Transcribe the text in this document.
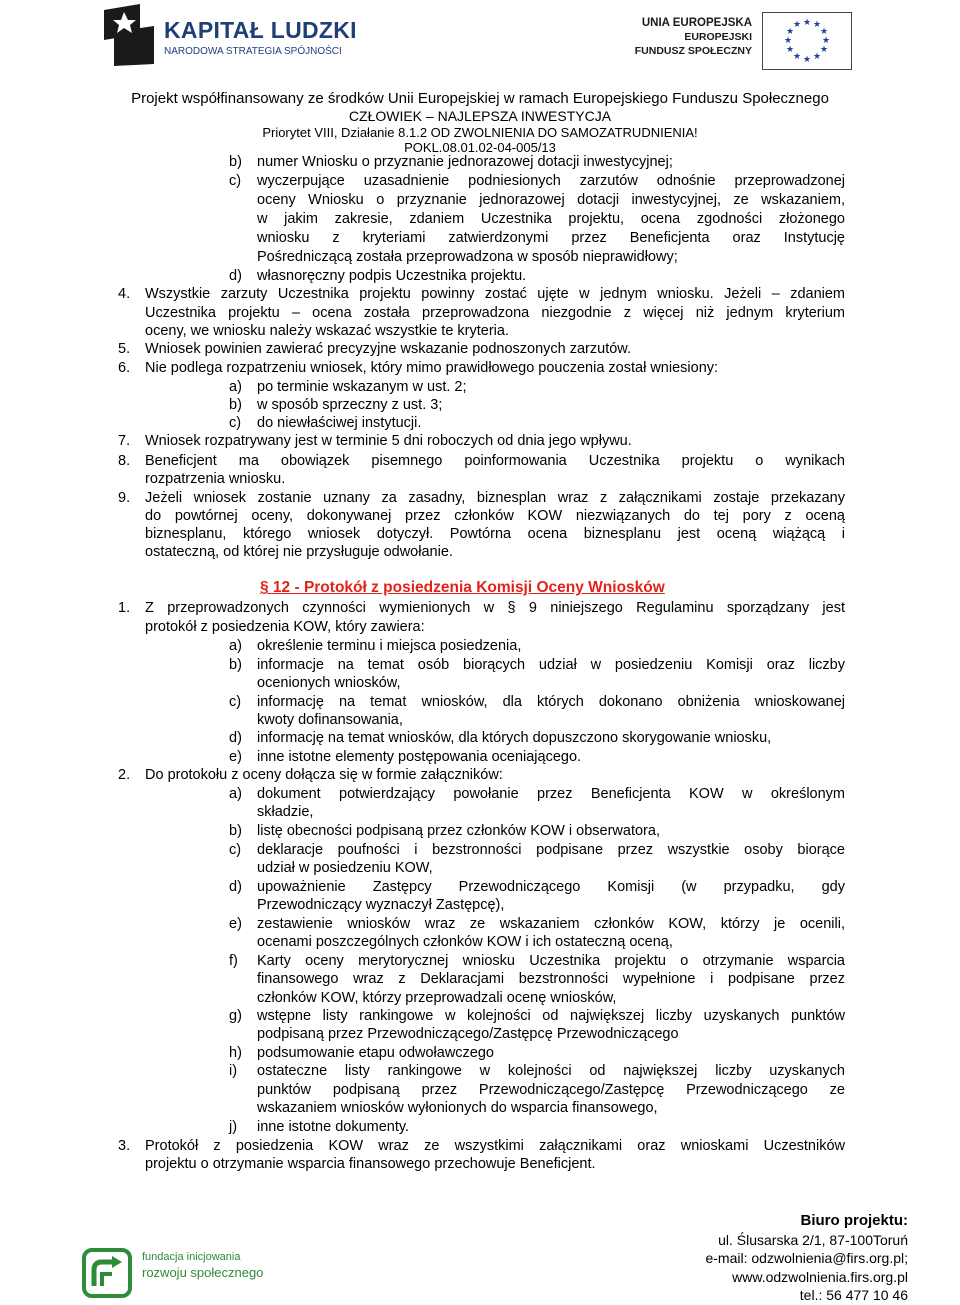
KAPITAŁ LUDZKI
NARODOWA STRATEGIA SPÓJNOŚCI
UNIA EUROPEJSKA
EUROPEJSKI
FUNDUSZ SPOŁECZNY
★ ★
★
★
★
★
★
★
★
★
★
★
Projekt współfinansowany ze środków Unii Europejskiej w ramach Europejskiego Funduszu Społecznego
CZŁOWIEK – NAJLEPSZA INWESTYCJA
Priorytet VIII, Działanie 8.1.2 OD ZWOLNIENIA DO SAMOZATRUDNIENIA!
POKL.08.01.02-04-005/13
b) numer Wniosku o przyznanie jednorazowej dotacji inwestycyjnej;
c) wyczerpujące uzasadnienie podniesionych zarzutów odnośnie przeprowadzonej
oceny Wniosku o przyznanie jednorazowej dotacji inwestycyjnej, ze wskazaniem,
w jakim zakresie, zdaniem Uczestnika projektu, ocena zgodności złożonego
wniosku z kryteriami zatwierdzonymi przez Beneficjenta oraz Instytucję
Pośredniczącą została przeprowadzona w sposób nieprawidłowy;
d) własnoręczny podpis Uczestnika projektu.
4. Wszystkie zarzuty Uczestnika projektu powinny zostać ujęte w jednym wniosku. Jeżeli – zdaniem
Uczestnika projektu – ocena została przeprowadzona niezgodnie z więcej niż jednym kryterium
oceny, we wniosku należy wskazać wszystkie te kryteria.
5. Wniosek powinien zawierać precyzyjne wskazanie podnoszonych zarzutów.
6. Nie podlega rozpatrzeniu wniosek, który mimo prawidłowego pouczenia został wniesiony:
a) po terminie wskazanym w ust. 2;
b) w sposób sprzeczny z ust. 3;
c) do niewłaściwej instytucji.
7. Wniosek rozpatrywany jest w terminie 5 dni roboczych od dnia jego wpływu.
8. Beneficjent ma obowiązek pisemnego poinformowania Uczestnika projektu o wynikach
rozpatrzenia wniosku.
9. Jeżeli wniosek zostanie uznany za zasadny, biznesplan wraz z załącznikami zostaje przekazany
do powtórnej oceny, dokonywanej przez członków KOW niezwiązanych do tej pory z oceną
biznesplanu, którego wniosek dotyczył. Powtórna ocena biznesplanu jest oceną wiążącą i
ostateczną, od której nie przysługuje odwołanie.
§ 12 - Protokół z posiedzenia Komisji Oceny Wniosków
1. Z przeprowadzonych czynności wymienionych w § 9 niniejszego Regulaminu sporządzany jest
protokół z posiedzenia KOW, który zawiera:
a) określenie terminu i miejsca posiedzenia,
b) informacje na temat osób biorących udział w posiedzeniu Komisji oraz liczby
ocenionych wniosków,
c) informację na temat wniosków, dla których dokonano obniżenia wnioskowanej
kwoty dofinansowania,
d) informację na temat wniosków, dla których dopuszczono skorygowanie wniosku,
e) inne istotne elementy postępowania oceniającego.
2. Do protokołu z oceny dołącza się w formie załączników:
a) dokument potwierdzający powołanie przez Beneficjenta KOW w określonym
składzie,
b) listę obecności podpisaną przez członków KOW i obserwatora,
c) deklaracje poufności i bezstronności podpisane przez wszystkie osoby biorące
udział w posiedzeniu KOW,
d) upoważnienie Zastępcy Przewodniczącego Komisji (w przypadku, gdy
Przewodniczący wyznaczył Zastępcę),
e) zestawienie wniosków wraz ze wskazaniem członków KOW, którzy je ocenili,
ocenami poszczególnych członków KOW i ich ostateczną oceną,
f) Karty oceny merytorycznej wniosku Uczestnika projektu o otrzymanie wsparcia
finansowego wraz z Deklaracjami bezstronności wypełnione i podpisane przez
członków KOW, którzy przeprowadzali ocenę wniosków,
g) wstępne listy rankingowe w kolejności od największej liczby uzyskanych punktów
podpisaną przez Przewodniczącego/Zastępcę Przewodniczącego
h) podsumowanie etapu odwoławczego
i) ostateczne listy rankingowe w kolejności od największej liczby uzyskanych
punktów podpisaną przez Przewodniczącego/Zastępcę Przewodniczącego ze
wskazaniem wniosków wyłonionych do wsparcia finansowego,
j) inne istotne dokumenty.
3. Protokół z posiedzenia KOW wraz ze wszystkimi załącznikami oraz wnioskami Uczestników
projektu o otrzymanie wsparcia finansowego przechowuje Beneficjent.
fundacja inicjowania
rozwoju społecznego
Biuro projektu:
ul. Ślusarska 2/1, 87-100Toruń
e-mail: odzwolnienia@firs.org.pl;
www.odzwolnienia.firs.org.pl
tel.: 56 477 10 46
